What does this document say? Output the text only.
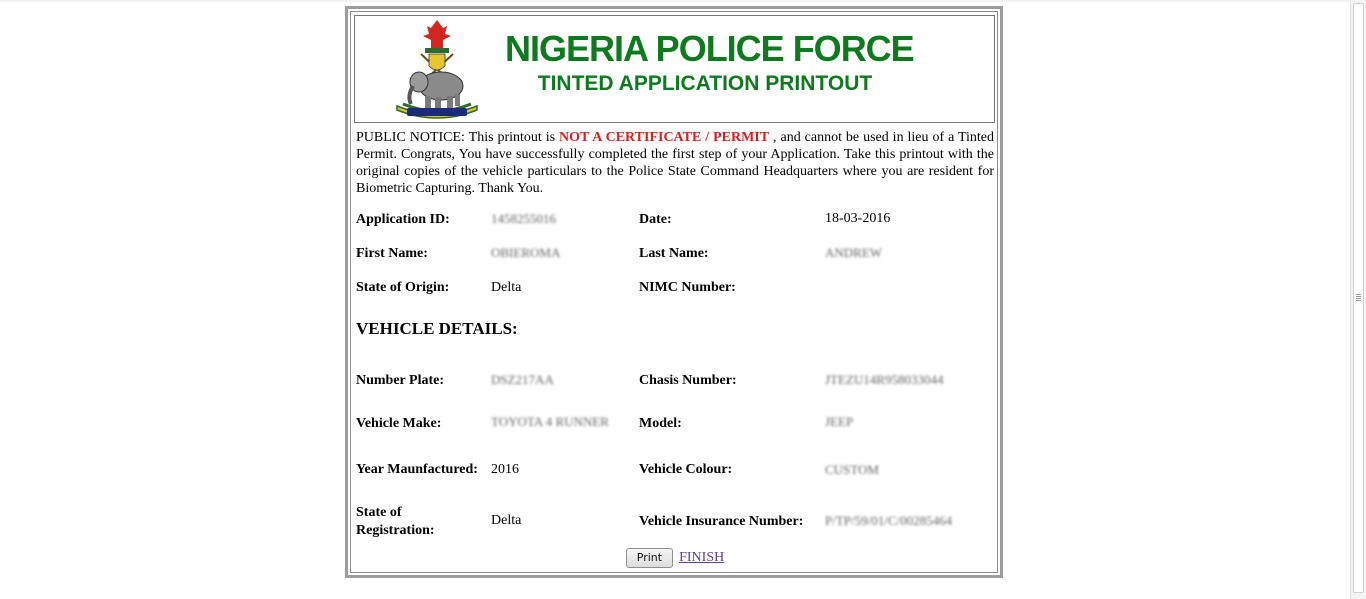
NIGERIA POLICE FORCE
TINTED APPLICATION PRINTOUT
PUBLIC NOTICE: This printout is NOT A CERTIFICATE / PERMIT , and cannot be used in lieu of a Tinted Permit. Congrats, You have successfully completed the first step of your Application. Take this printout with the original copies of the vehicle particulars to the Police State Command Headquarters where you are resident for Biometric Capturing. Thank You.
Application ID:	1458255016	Date:	18-03-2016
First Name:	OBIEROMA	Last Name:	ANDREW
State of Origin:	Delta	NIMC Number:
VEHICLE DETAILS:
Number Plate:	DSZ217AA	Chasis Number:	JTEZU14R958033044
Vehicle Make:	TOYOTA 4 RUNNER Model:	JEEP
Year Maunfactured: 2016	Vehicle Colour:	CUSTOM
State of
Registration:
Delta	Vehicle Insurance Number: P/TP/59/01/C/00285464
Print FINISH
